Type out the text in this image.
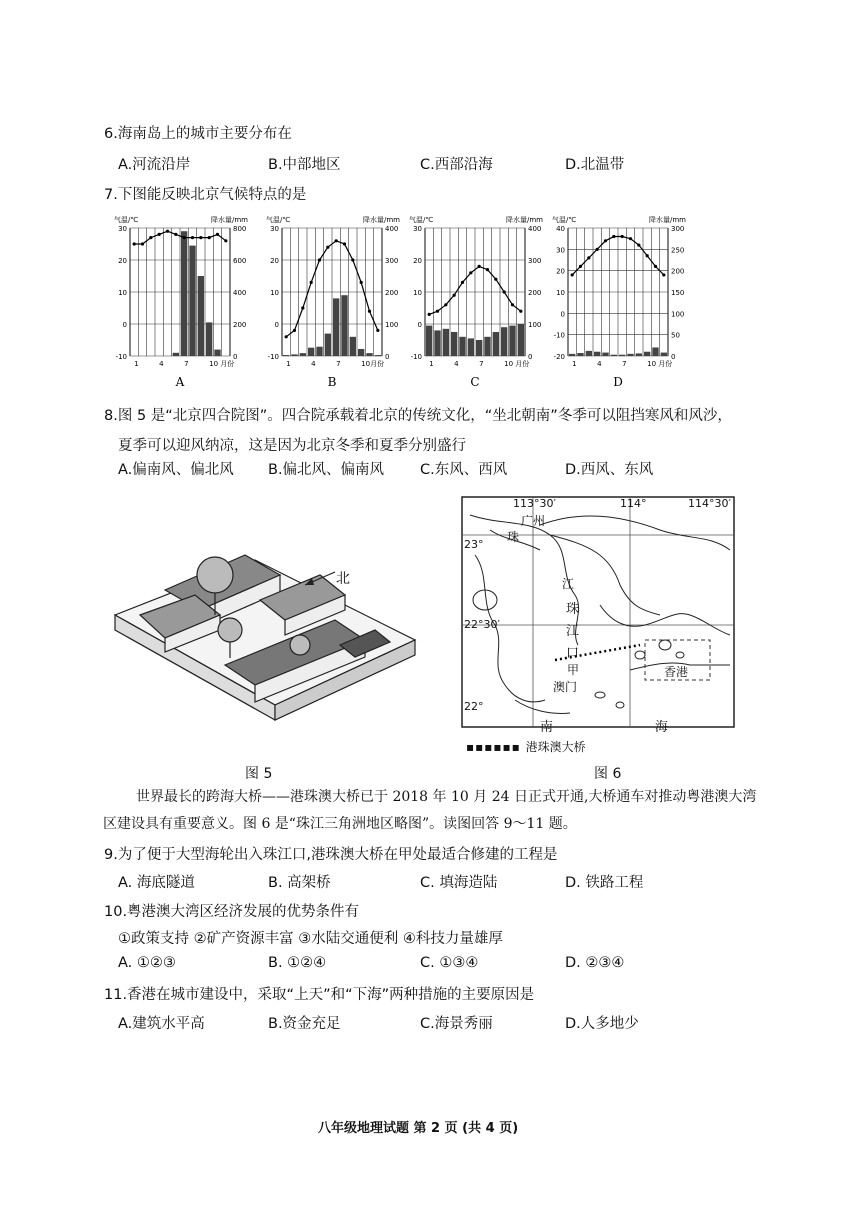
6.海南岛上的城市主要分布在
A.河流沿岸	B.中部地区	C.西部沿海	D.北温带
7.下图能反映北京气候特点的是
30	800
20	600
10	400
0	200
-10	0
气温/℃	降水量/mm
1	4	7	10 月份
A
30	400
20	300
10	200
0	100
-10	0
气温/℃	降水量/mm
1	4	7	10月份
B
30	400
20	300
10	200
0	100
-10	0
气温/℃	降水量/mm
1	4	7	10 月份
C
40	300
30	250
20	200
10	150
0	100
-10	50
-20	0
气温/℃	降水量/mm
1	4	7	10 月份
D
8.图 5 是“北京四合院图”。四合院承载着北京的传统文化，“坐北朝南”冬季可以阻挡寒风和风沙，
夏季可以迎风纳凉，这是因为北京冬季和夏季分别盛行
A.偏南风、偏北风 B.偏北风、偏南风 C.东风、西风	D.西风、东风
北
图 5
113°30′	114°	114°30′
23°
22°30′
22°
广州
珠
江
珠
江
口
甲
澳门
香港
南	海
▪▪▪▪▪▪ 港珠澳大桥
图 6
世界最长的跨海大桥——港珠澳大桥已于 2018 年 10 月 24 日正式开通,大桥通车对推动粤港澳大湾
区建设具有重要意义。图 6 是“珠江三角洲地区略图”。读图回答 9～11 题。
9.为了便于大型海轮出入珠江口,港珠澳大桥在甲处最适合修建的工程是
A. 海底隧道	B. 高架桥	C. 填海造陆	D. 铁路工程
10.粤港澳大湾区经济发展的优势条件有
①政策支持 ②矿产资源丰富 ③水陆交通便利 ④科技力量雄厚
A. ①②③	B. ①②④	C. ①③④	D. ②③④
11.香港在城市建设中，采取“上天”和“下海”两种措施的主要原因是
A.建筑水平高	B.资金充足	C.海景秀丽	D.人多地少
八年级地理试题 第 2 页 (共 4 页)
